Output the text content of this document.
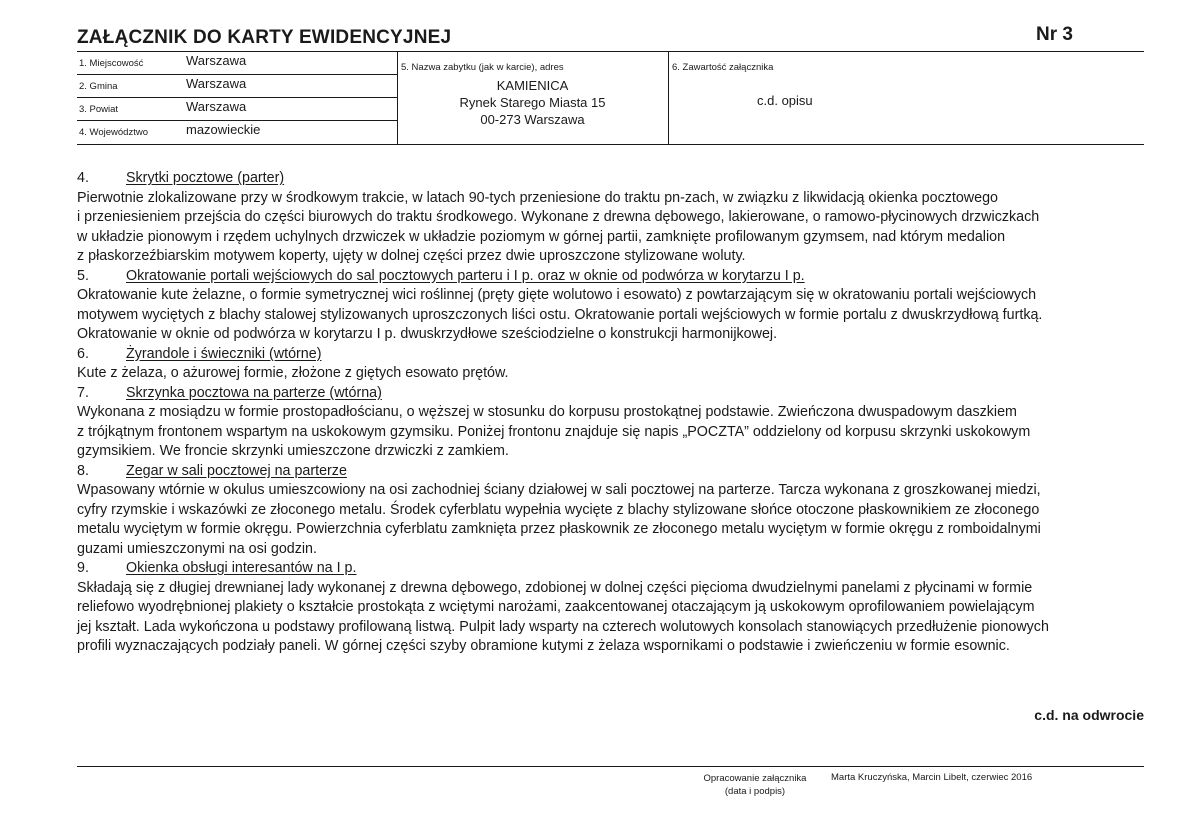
ZAŁĄCZNIK DO KARTY EWIDENCYJNEJ	Nr 3
1. Miejscowość	Warszawa
2. Gmina	Warszawa
3. Powiat	Warszawa
4. Województwo	mazowieckie
5. Nazwa zabytku (jak w karcie), adres
KAMIENICA
Rynek Starego Miasta 15
00-273 Warszawa
6. Zawartość załącznika
c.d. opisu
4.	Skrytki pocztowe (parter)
Pierwotnie zlokalizowane przy w środkowym trakcie, w latach 90-tych przeniesione do traktu pn-zach, w związku z likwidacją okienka pocztowego
i przeniesieniem przejścia do części biurowych do traktu środkowego. Wykonane z drewna dębowego, lakierowane, o ramowo-płycinowych drzwiczkach
w układzie pionowym i rzędem uchylnych drzwiczek w układzie poziomym w górnej partii, zamknięte profilowanym gzymsem, nad którym medalion
z płaskorzeźbiarskim motywem koperty, ujęty w dolnej części przez dwie uproszczone stylizowane woluty.
5.	Okratowanie portali wejściowych do sal pocztowych parteru i I p. oraz w oknie od podwórza w korytarzu I p.
Okratowanie kute żelazne, o formie symetrycznej wici roślinnej (pręty gięte wolutowo i esowato) z powtarzającym się w okratowaniu portali wejściowych
motywem wyciętych z blachy stalowej stylizowanych uproszczonych liści ostu. Okratowanie portali wejściowych w formie portalu z dwuskrzydłową furtką.
Okratowanie w oknie od podwórza w korytarzu I p. dwuskrzydłowe sześciodzielne o konstrukcji harmonijkowej.
6.	Żyrandole i świeczniki (wtórne)
Kute z żelaza, o ażurowej formie, złożone z giętych esowato prętów.
7.	Skrzynka pocztowa na parterze (wtórna)
Wykonana z mosiądzu w formie prostopadłościanu, o węższej w stosunku do korpusu prostokątnej podstawie. Zwieńczona dwuspadowym daszkiem
z trójkątnym frontonem wspartym na uskokowym gzymsiku. Poniżej frontonu znajduje się napis „POCZTA” oddzielony od korpusu skrzynki uskokowym
gzymsikiem. We froncie skrzynki umieszczone drzwiczki z zamkiem.
8.	Zegar w sali pocztowej na parterze
Wpasowany wtórnie w okulus umieszcowiony na osi zachodniej ściany działowej w sali pocztowej na parterze. Tarcza wykonana z groszkowanej miedzi,
cyfry rzymskie i wskazówki ze złoconego metalu. Środek cyferblatu wypełnia wycięte z blachy stylizowane słońce otoczone płaskownikiem ze złoconego
metalu wyciętym w formie okręgu. Powierzchnia cyferblatu zamknięta przez płaskownik ze złoconego metalu wyciętym w formie okręgu z romboidalnymi
guzami umieszczonymi na osi godzin.
9.	Okienka obsługi interesantów na I p.
Składają się z długiej drewnianej lady wykonanej z drewna dębowego, zdobionej w dolnej części pięcioma dwudzielnymi panelami z płycinami w formie
reliefowo wyodrębnionej plakiety o kształcie prostokąta z wciętymi narożami, zaakcentowanej otaczającym ją uskokowym oprofilowaniem powielającym
jej kształt. Lada wykończona u podstawy profilowaną listwą. Pulpit lady wsparty na czterech wolutowych konsolach stanowiących przedłużenie pionowych
profili wyznaczających podziały paneli. W górnej części szyby obramione kutymi z żelaza wspornikami o podstawie i zwieńczeniu w formie esownic.
c.d. na odwrocie
Opracowanie załącznika
(data i podpis)
Marta Kruczyńska, Marcin Libelt, czerwiec 2016
